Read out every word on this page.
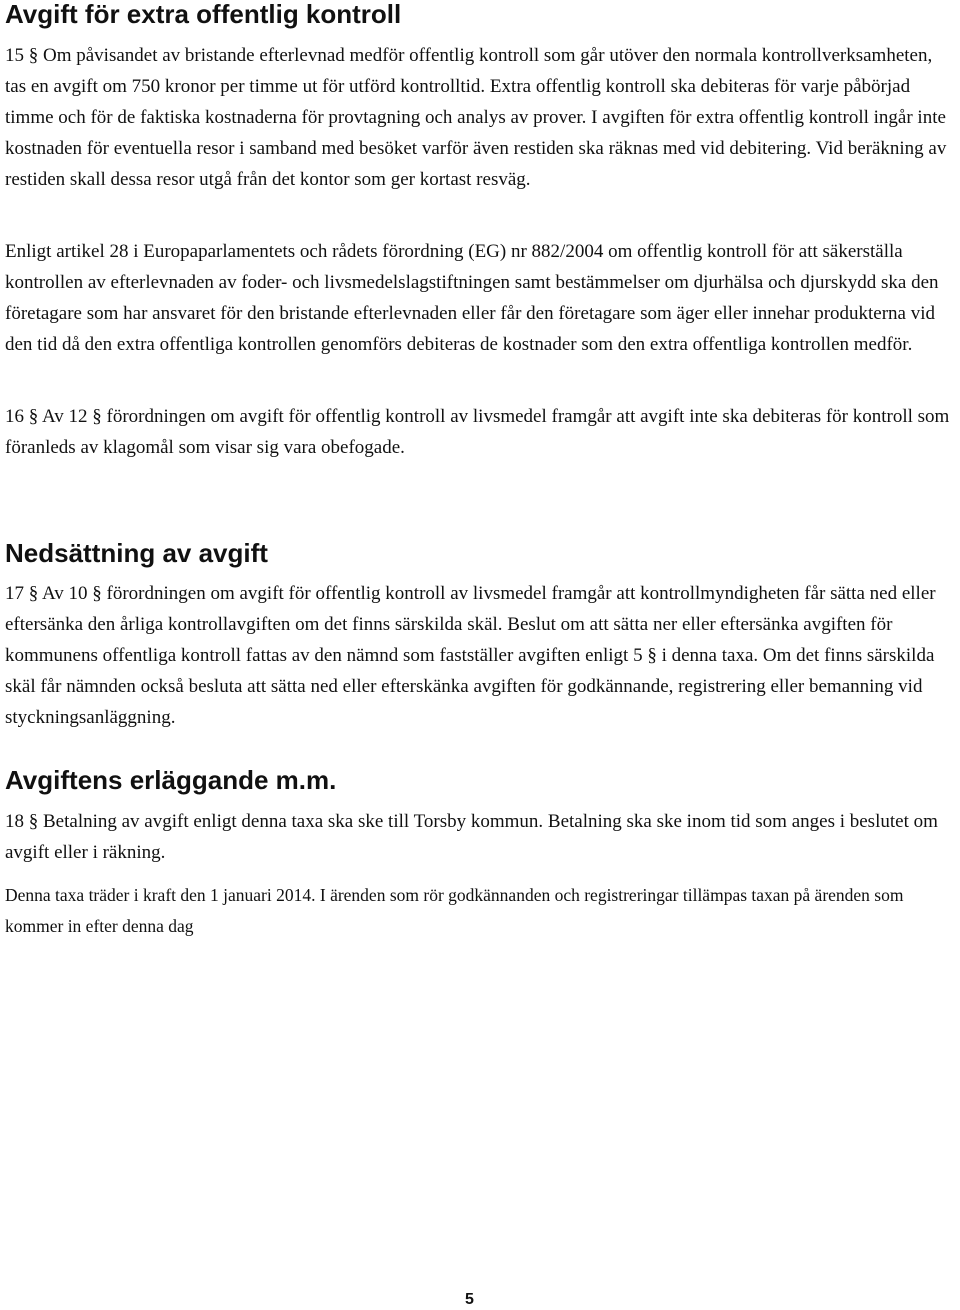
Avgift för extra offentlig kontroll

15 § Om påvisandet av bristande efterlevnad medför offentlig kontroll som går utöver den normala kontrollverksamheten, tas en avgift om 750 kronor per timme ut för utförd kontrolltid. Extra offentlig kontroll ska debiteras för varje påbörjad timme och för de faktiska kostnaderna för provtagning och analys av prover. I avgiften för extra offentlig kontroll ingår inte kostnaden för eventuella resor i samband med besöket varför även restiden ska räknas med vid debitering. Vid beräkning av restiden skall dessa resor utgå från det kontor som ger kortast resväg.

Enligt artikel 28 i Europaparlamentets och rådets förordning (EG) nr 882/2004 om offentlig kontroll för att säkerställa kontrollen av efterlevnaden av foder- och livsmedelslagstiftningen samt bestämmelser om djurhälsa och djurskydd ska den företagare som har ansvaret för den bristande efterlevnaden eller får den företagare som äger eller innehar produkterna vid den tid då den extra offentliga kontrollen genomförs debiteras de kostnader som den extra offentliga kontrollen medför.

16 § Av 12 § förordningen om avgift för offentlig kontroll av livsmedel framgår att avgift inte ska debiteras för kontroll som föranleds av klagomål som visar sig vara obefogade.

Nedsättning av avgift

17 § Av 10 § förordningen om avgift för offentlig kontroll av livsmedel framgår att kontrollmyndigheten får sätta ned eller eftersänka den årliga kontrollavgiften om det finns särskilda skäl. Beslut om att sätta ner eller eftersänka avgiften för kommunens offentliga kontroll fattas av den nämnd som fastställer avgiften enligt 5 § i denna taxa. Om det finns särskilda skäl får nämnden också besluta att sätta ned eller efterskänka avgiften för godkännande, registrering eller bemanning vid styckningsanläggning.

Avgiftens erläggande m.m.

18 § Betalning av avgift enligt denna taxa ska ske till Torsby kommun. Betalning ska ske inom tid som anges i beslutet om avgift eller i räkning.

Denna taxa träder i kraft den 1 januari 2014. I ärenden som rör godkännanden och registreringar tillämpas taxan på ärenden som kommer in efter denna dag

5
